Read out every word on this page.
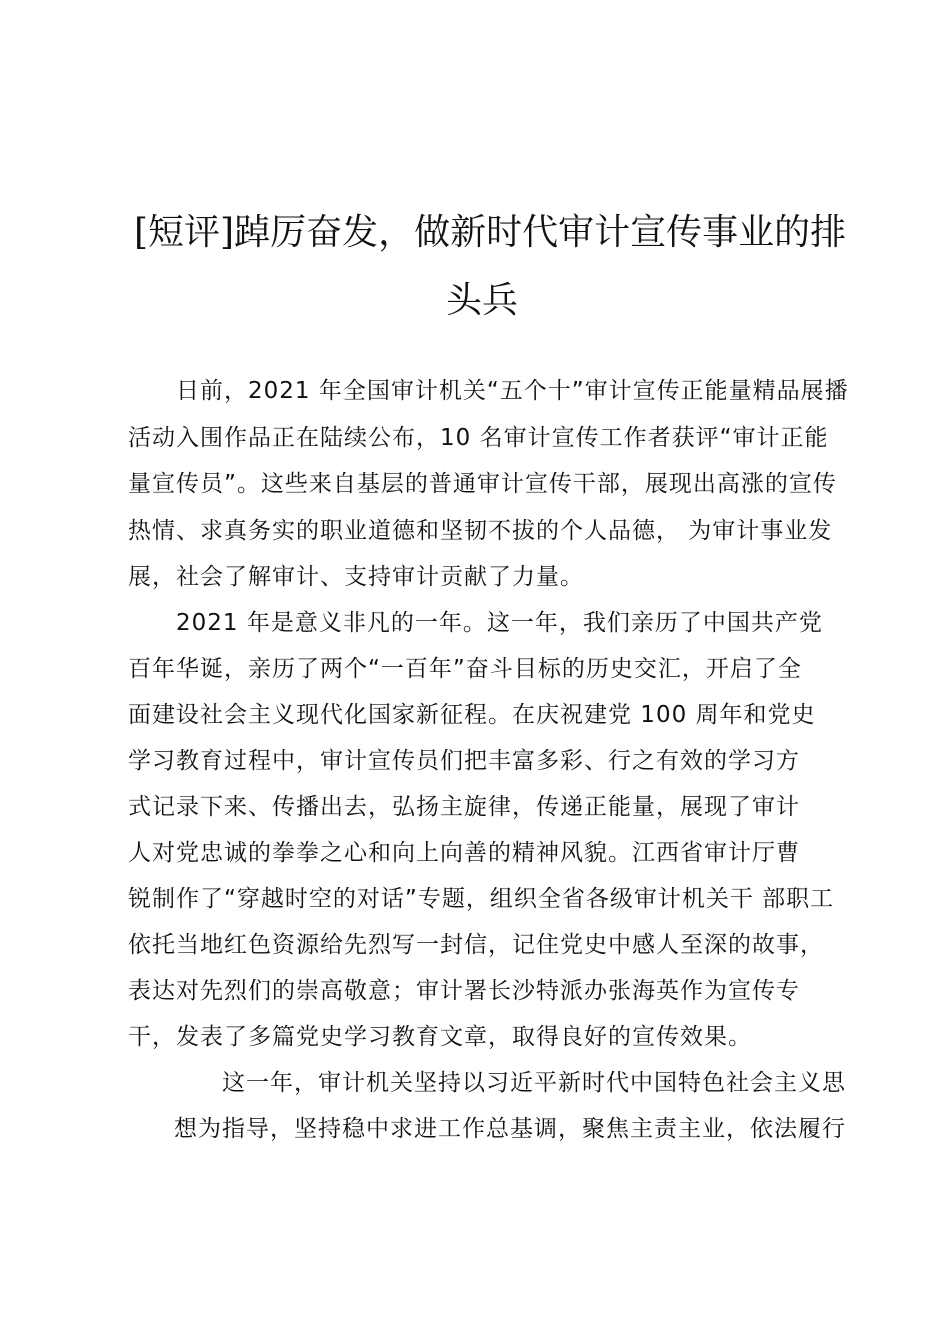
[短评]踔厉奋发，做新时代审计宣传事业的排
头兵
日前，2021 年全国审计机关“五个十”审计宣传正能量精品展播
活动入围作品正在陆续公布，10 名审计宣传工作者获评“审计正能
量宣传员”。这些来自基层的普通审计宣传干部，展现出高涨的宣传
热情、求真务实的职业道德和坚韧不拔的个人品德， 为审计事业发
展，社会了解审计、支持审计贡献了力量。
2021 年是意义非凡的一年。这一年，我们亲历了中国共产党
百年华诞，亲历了两个“一百年”奋斗目标的历史交汇，开启了全
面建设社会主义现代化国家新征程。在庆祝建党 100 周年和党史
学习教育过程中，审计宣传员们把丰富多彩、行之有效的学习方
式记录下来、传播出去，弘扬主旋律，传递正能量，展现了审计
人对党忠诚的拳拳之心和向上向善的精神风貌。江西省审计厅曹
锐制作了“穿越时空的对话”专题，组织全省各级审计机关干 部职工
依托当地红色资源给先烈写一封信，记住党史中感人至深的故事，
表达对先烈们的崇高敬意；审计署长沙特派办张海英作为宣传专
干，发表了多篇党史学习教育文章，取得良好的宣传效果。
这一年，审计机关坚持以习近平新时代中国特色社会主义思
想为指导，坚持稳中求进工作总基调，聚焦主责主业，依法履行
